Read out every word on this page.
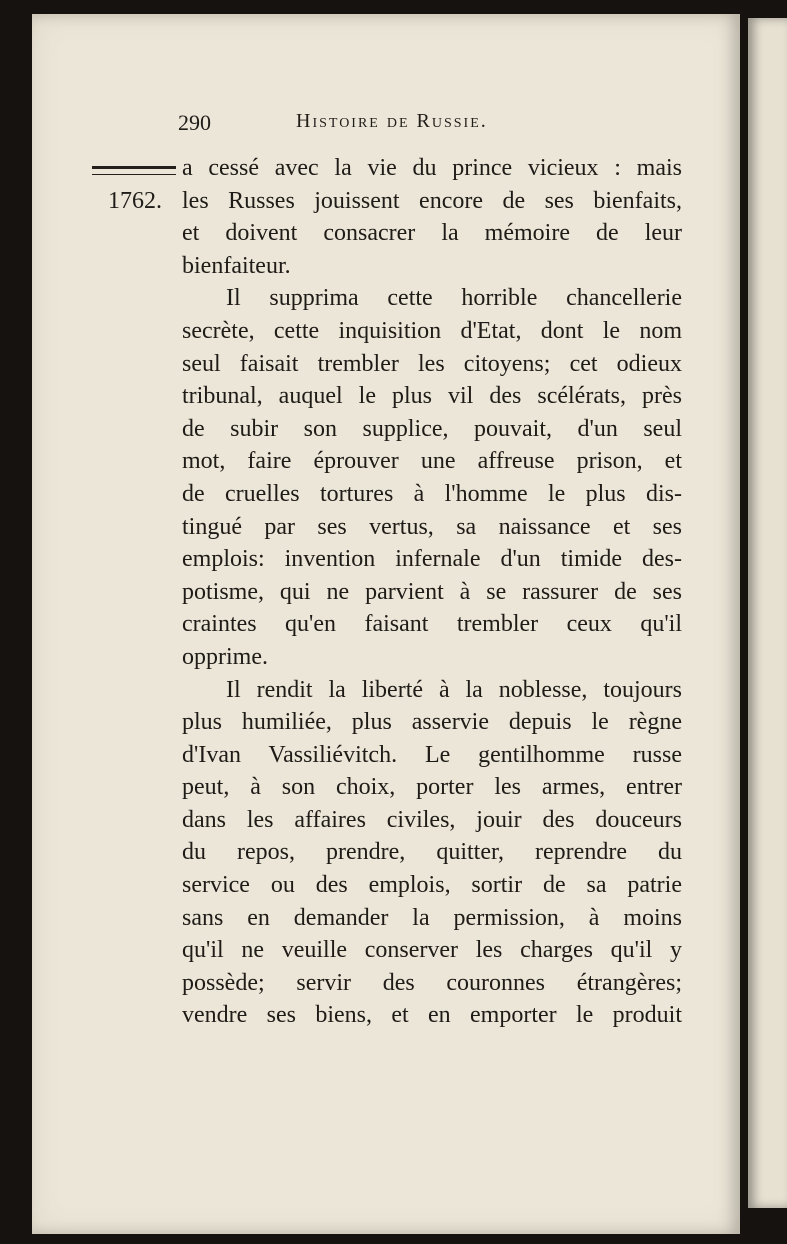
290	Histoire de Russie.
1762.
a cessé avec la vie du prince vicieux : mais
les Russes jouissent encore de ses bienfaits,
et doivent consacrer la mémoire de leur
bienfaiteur.
Il supprima cette horrible chancellerie
secrète, cette inquisition d'Etat, dont le nom
seul faisait trembler les citoyens; cet odieux
tribunal, auquel le plus vil des scélérats, près
de subir son supplice, pouvait, d'un seul
mot, faire éprouver une affreuse prison, et
de cruelles tortures à l'homme le plus dis-
tingué par ses vertus, sa naissance et ses
emplois: invention infernale d'un timide des-
potisme, qui ne parvient à se rassurer de ses
craintes qu'en faisant trembler ceux qu'il
opprime.
Il rendit la liberté à la noblesse, toujours
plus humiliée, plus asservie depuis le règne
d'Ivan Vassiliévitch. Le gentilhomme russe
peut, à son choix, porter les armes, entrer
dans les affaires civiles, jouir des douceurs
du repos, prendre, quitter, reprendre du
service ou des emplois, sortir de sa patrie
sans en demander la permission, à moins
qu'il ne veuille conserver les charges qu'il y
possède; servir des couronnes étrangères;
vendre ses biens, et en emporter le produit
